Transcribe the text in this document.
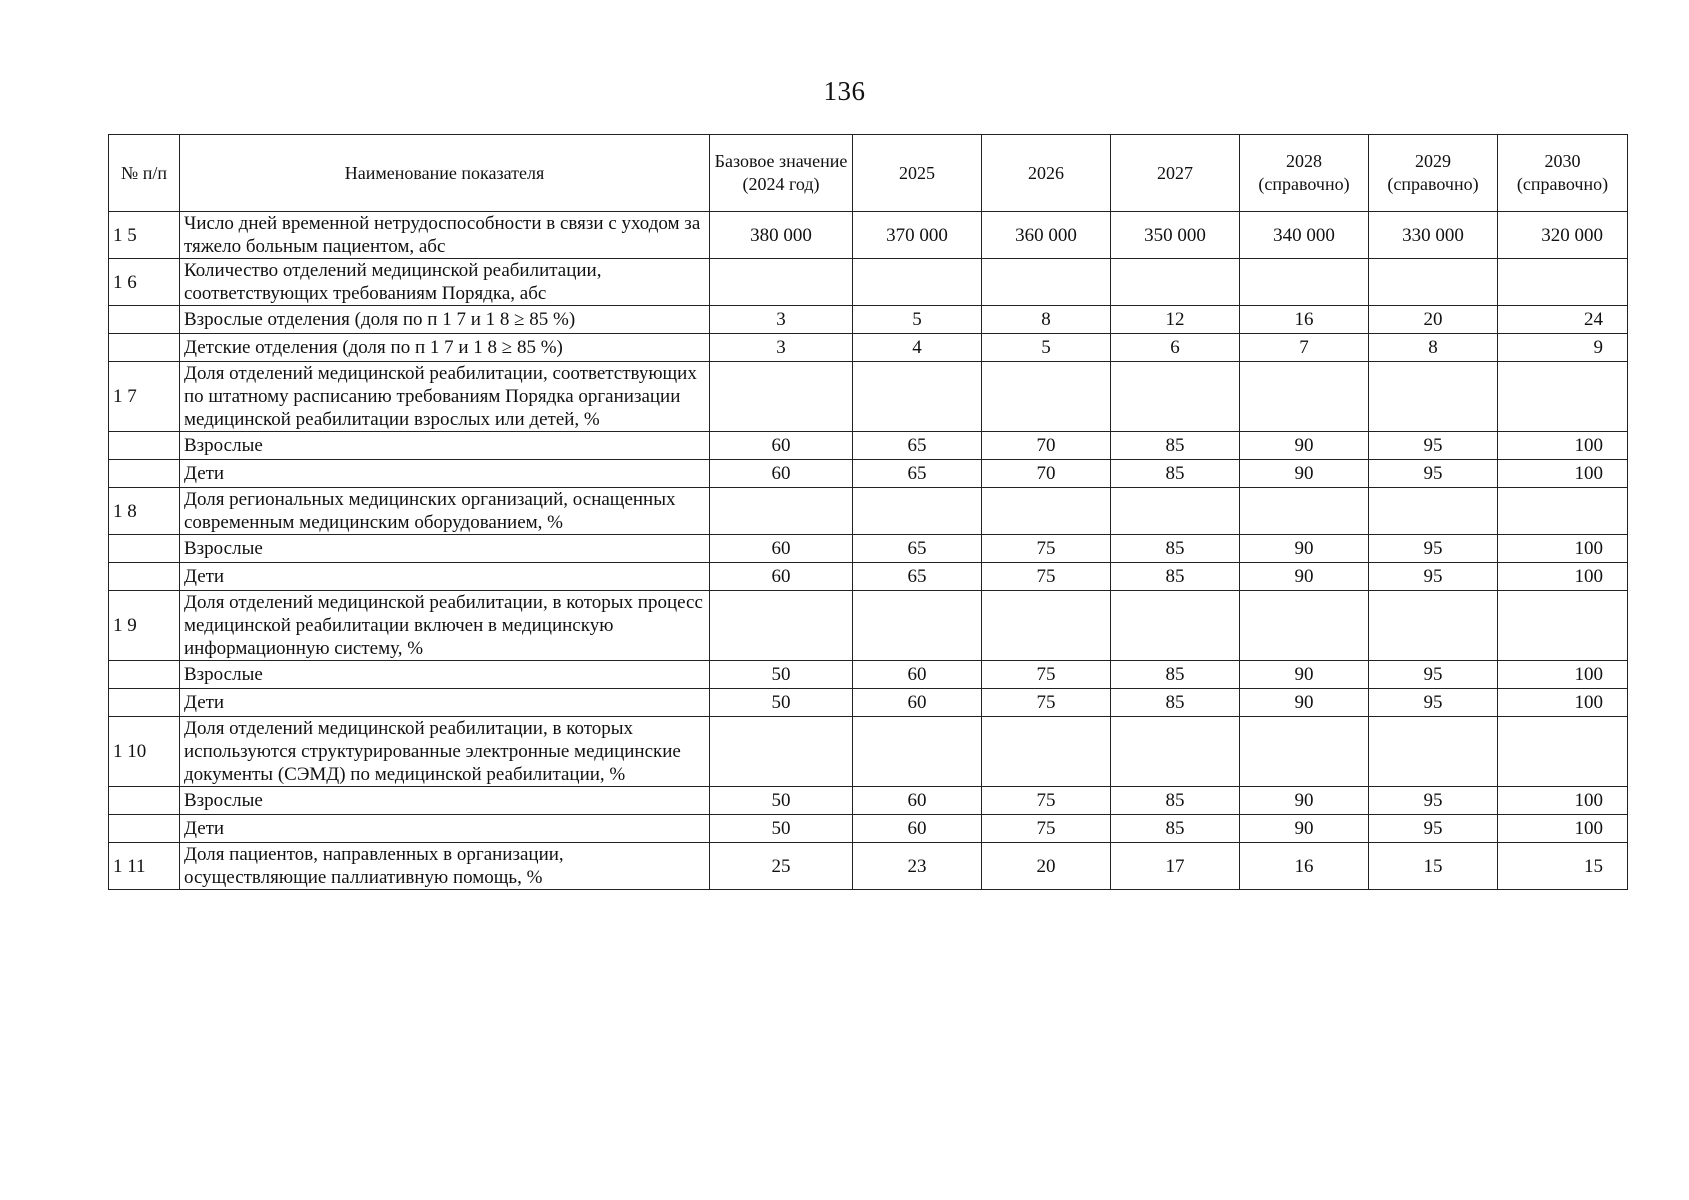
136
№ п/п	Наименование показателя	Базовое значение (2024 год)	2025	2026	2027	2028 (справочно)	2029 (справочно)	2030 (справочно)
1 5	Число дней временной нетрудоспособности в связи с уходом за тяжело больным пациентом, абс	380 000	370 000	360 000	350 000	340 000	330 000	320 000
1 6	Количество отделений медицинской реабилитации, соответствующих требованиям Порядка, абс							
	Взрослые отделения (доля по п 1 7 и 1 8 ≥ 85 %)	3	5	8	12	16	20	24
	Детские отделения (доля по п 1 7 и 1 8 ≥ 85 %)	3	4	5	6	7	8	9
1 7	Доля отделений медицинской реабилитации, соответствующих по штатному расписанию требованиям Порядка организации медицинской реабилитации взрослых или детей, %							
	Взрослые	60	65	70	85	90	95	100
	Дети	60	65	70	85	90	95	100
1 8	Доля региональных медицинских организаций, оснащенных современным медицинским оборудованием, %							
	Взрослые	60	65	75	85	90	95	100
	Дети	60	65	75	85	90	95	100
1 9	Доля отделений медицинской реабилитации, в которых процесс медицинской реабилитации включен в медицинскую информационную систему, %							
	Взрослые	50	60	75	85	90	95	100
	Дети	50	60	75	85	90	95	100
1 10	Доля отделений медицинской реабилитации, в которых используются структурированные электронные медицинские документы (СЭМД) по медицинской реабилитации, %							
	Взрослые	50	60	75	85	90	95	100
	Дети	50	60	75	85	90	95	100
1 11	Доля пациентов, направленных в организации, осуществляющие паллиативную помощь, %	25	23	20	17	16	15	15
